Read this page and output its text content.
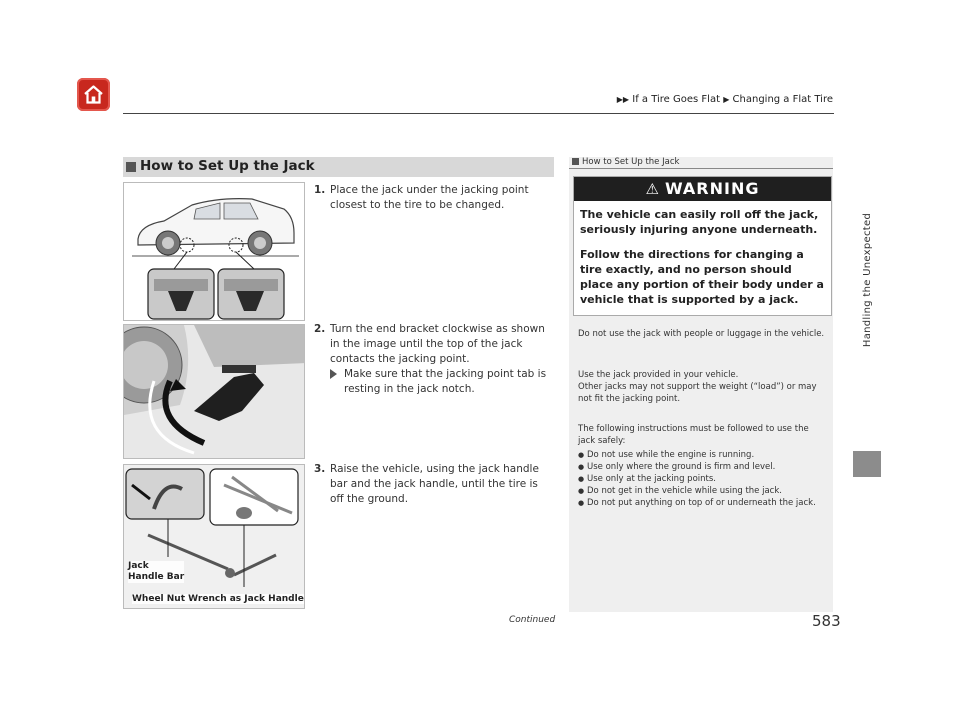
▶▶ If a Tire Goes Flat ▶ Changing a Flat Tire
Handling the Unexpected
How to Set Up the Jack
Jack
Handle Bar
Wheel Nut Wrench as Jack Handle
1. Place the jack under the jacking point closest to the tire to be changed.
2. Turn the end bracket clockwise as shown in the image until the top of the jack contacts the jacking point.
Make sure that the jacking point tab is resting in the jack notch.
3. Raise the vehicle, using the jack handle bar and the jack handle, until the tire is off the ground.
How to Set Up the Jack
⚠ WARNING
The vehicle can easily roll off the jack, seriously injuring anyone underneath.
Follow the directions for changing a tire exactly, and no person should place any portion of their body under a vehicle that is supported by a jack.
Do not use the jack with people or luggage in the vehicle.
Use the jack provided in your vehicle.
Other jacks may not support the weight (“load”) or may not fit the jacking point.
The following instructions must be followed to use the jack safely:
● Do not use while the engine is running.
● Use only where the ground is firm and level.
● Use only at the jacking points.
● Do not get in the vehicle while using the jack.
● Do not put anything on top of or underneath the jack.
Continued	583
